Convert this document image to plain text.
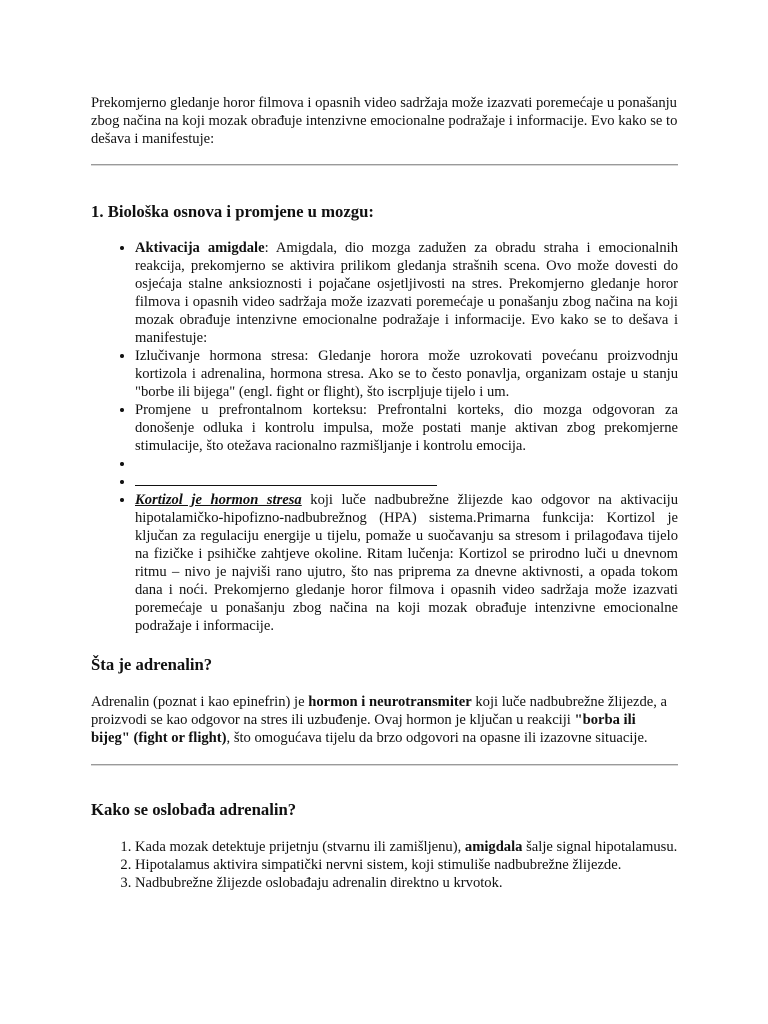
Prekomjerno gledanje horor filmova i opasnih video sadržaja može izazvati poremećaje u ponašanju zbog načina na koji mozak obrađuje intenzivne emocionalne podražaje i informacije. Evo kako se to dešava i manifestuje:

1. Biološka osnova i promjene u mozgu:
• Aktivacija amigdale: Amigdala, dio mozga zadužen za obradu straha i emocionalnih reakcija, prekomjerno se aktivira prilikom gledanja strašnih scena. Ovo može dovesti do osjećaja stalne anksioznosti i pojačane osjetljivosti na stres. Prekomjerno gledanje horor filmova i opasnih video sadržaja može izazvati poremećaje u ponašanju zbog načina na koji mozak obrađuje intenzivne emocionalne podražaje i informacije. Evo kako se to dešava i manifestuje:
• Izlučivanje hormona stresa: Gledanje horora može uzrokovati povećanu proizvodnju kortizola i adrenalina, hormona stresa. Ako se to često ponavlja, organizam ostaje u stanju "borbe ili bijega" (engl. fight or flight), što iscrpljuje tijelo i um.
• Promjene u prefrontalnom korteksu: Prefrontalni korteks, dio mozga odgovoran za donošenje odluka i kontrolu impulsa, može postati manje aktivan zbog prekomjerne stimulacije, što otežava racionalno razmišljanje i kontrolu emocija.
•
•
• Kortizol je hormon stresa koji luče nadbubrežne žlijezde kao odgovor na aktivaciju hipotalamičko-hipofizno-nadbubrežnog (HPA) sistema.Primarna funkcija: Kortizol je ključan za regulaciju energije u tijelu, pomaže u suočavanju sa stresom i prilagođava tijelo na fizičke i psihičke zahtjeve okoline. Ritam lučenja: Kortizol se prirodno luči u dnevnom ritmu – nivo je najviši rano ujutro, što nas priprema za dnevne aktivnosti, a opada tokom dana i noći. Prekomjerno gledanje horor filmova i opasnih video sadržaja može izazvati poremećaje u ponašanju zbog načina na koji mozak obrađuje intenzivne emocionalne podražaje i informacije.
Šta je adrenalin?

Adrenalin (poznat i kao epinefrin) je hormon i neurotransmiter koji luče nadbubrežne žlijezde, a proizvodi se kao odgovor na stres ili uzbuđenje. Ovaj hormon je ključan u reakciji "borba ili bijeg" (fight or flight), što omogućava tijelu da brzo odgovori na opasne ili izazovne situacije.

Kako se oslobađa adrenalin?
1. Kada mozak detektuje prijetnju (stvarnu ili zamišljenu), amigdala šalje signal hipotalamusu.
2. Hipotalamus aktivira simpatički nervni sistem, koji stimuliše nadbubrežne žlijezde.
3. Nadbubrežne žlijezde oslobađaju adrenalin direktno u krvotok.
